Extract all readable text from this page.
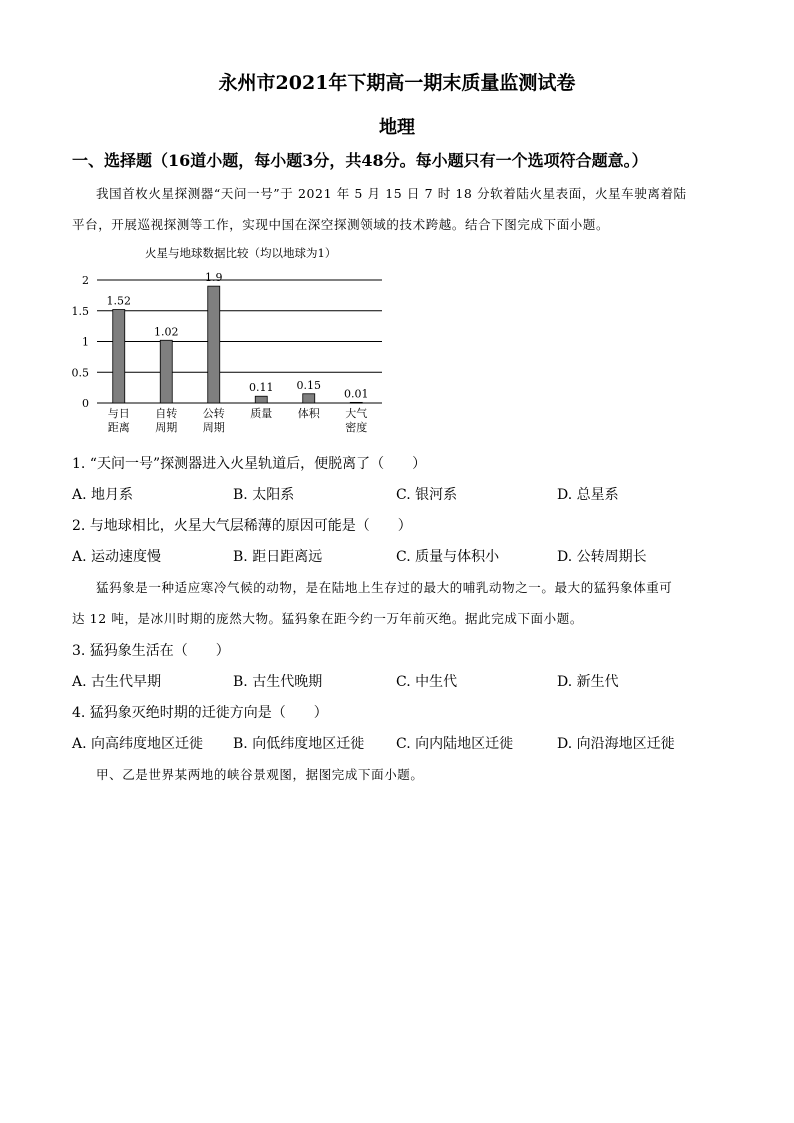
永州市2021年下期高一期末质量监测试卷
地理
一、选择题（16道小题，每小题3分，共48分。每小题只有一个选项符合题意。）
我国首枚火星探测器“天问一号”于 2021 年 5 月 15 日 7 时 18 分软着陆火星表面，火星车驶离着陆
平台，开展巡视探测等工作，实现中国在深空探测领域的技术跨越。结合下图完成下面小题。
火星与地球数据比较（均以地球为1）
0
0.5
1
1.5
2
1.52
1.02
1.9
0.11 0.15
0.01
与日
距离
自转
周期
公转
周期
质量 体积 大气
密度
1. “天问一号”探测器进入火星轨道后，便脱离了（　　）
A. 地月系	B. 太阳系	C. 银河系	D. 总星系
2. 与地球相比，火星大气层稀薄的原因可能是（　　）
A. 运动速度慢	B. 距日距离远	C. 质量与体积小	D. 公转周期长
猛犸象是一种适应寒冷气候的动物，是在陆地上生存过的最大的哺乳动物之一。最大的猛犸象体重可
达 12 吨，是冰川时期的庞然大物。猛犸象在距今约一万年前灭绝。据此完成下面小题。
3. 猛犸象生活在（　　）
A. 古生代早期	B. 古生代晚期	C. 中生代	D. 新生代
4. 猛犸象灭绝时期的迁徙方向是（　　）
A. 向高纬度地区迁徙 B. 向低纬度地区迁徙 C. 向内陆地区迁徙	D. 向沿海地区迁徙
甲、乙是世界某两地的峡谷景观图，据图完成下面小题。
